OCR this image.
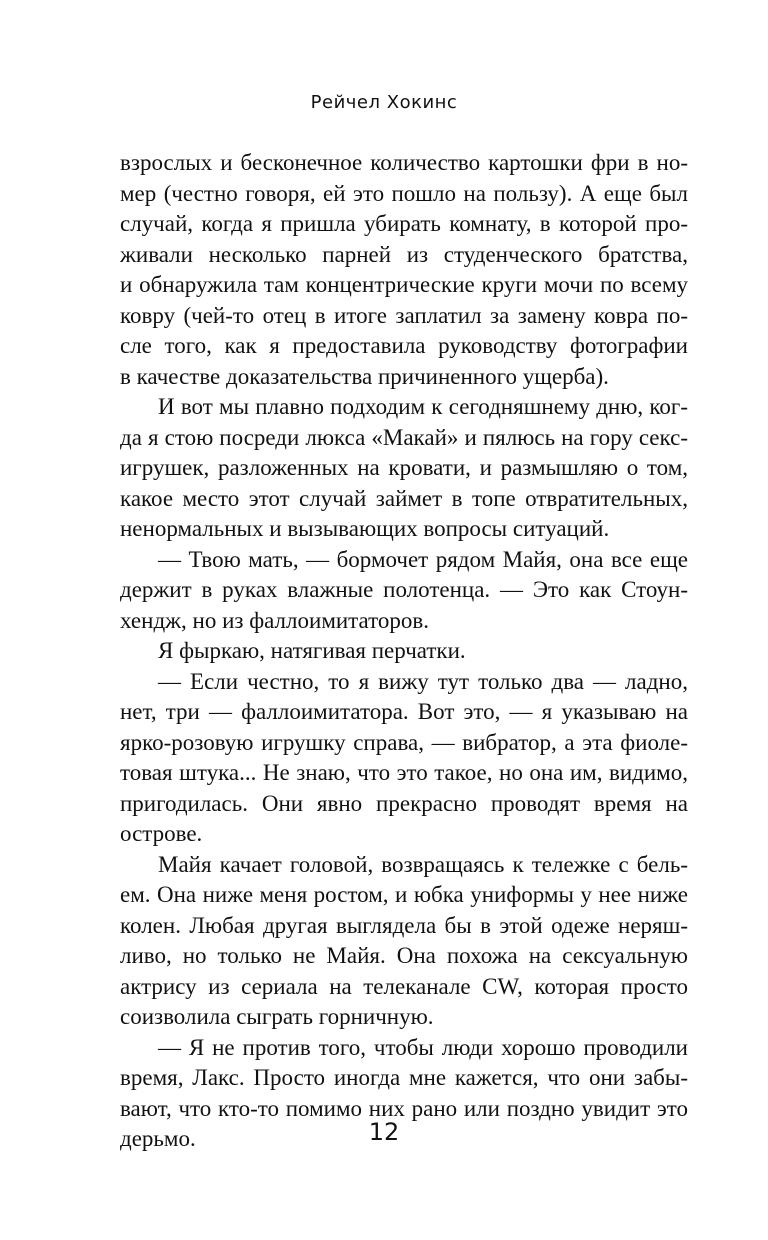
Рейчел Хокинс
взрослых и бесконечное количество картошки фри в но-
мер (честно говоря, ей это пошло на пользу). А еще был
случай, когда я пришла убирать комнату, в которой про-
живали несколько парней из студенческого братства,
и обнаружила там концентрические круги мочи по всему
ковру (чей-то отец в итоге заплатил за замену ковра по-
сле того, как я предоставила руководству фотографии
в качестве доказательства причиненного ущерба).
И вот мы плавно подходим к сегодняшнему дню, ког-
да я стою посреди люкса «Макай» и пялюсь на гору секс-
игрушек, разложенных на кровати, и размышляю о том,
какое место этот случай займет в топе отвратительных,
ненормальных и вызывающих вопросы ситуаций.
— Твою мать, — бормочет рядом Майя, она все еще
держит в руках влажные полотенца. — Это как Стоун-
хендж, но из фаллоимитаторов.
Я фыркаю, натягивая перчатки.
— Если честно, то я вижу тут только два — ладно,
нет, три — фаллоимитатора. Вот это, — я указываю на
ярко-розовую игрушку справа, — вибратор, а эта фиоле-
товая штука... Не знаю, что это такое, но она им, видимо,
пригодилась. Они явно прекрасно проводят время на
острове.
Майя качает головой, возвращаясь к тележке с бель-
ем. Она ниже меня ростом, и юбка униформы у нее ниже
колен. Любая другая выглядела бы в этой одеже неряш-
ливо, но только не Майя. Она похожа на сексуальную
актрису из сериала на телеканале CW, которая просто
соизволила сыграть горничную.
— Я не против того, чтобы люди хорошо проводили
время, Лакс. Просто иногда мне кажется, что они забы-
вают, что кто-то помимо них рано или поздно увидит это
дерьмо.	12
